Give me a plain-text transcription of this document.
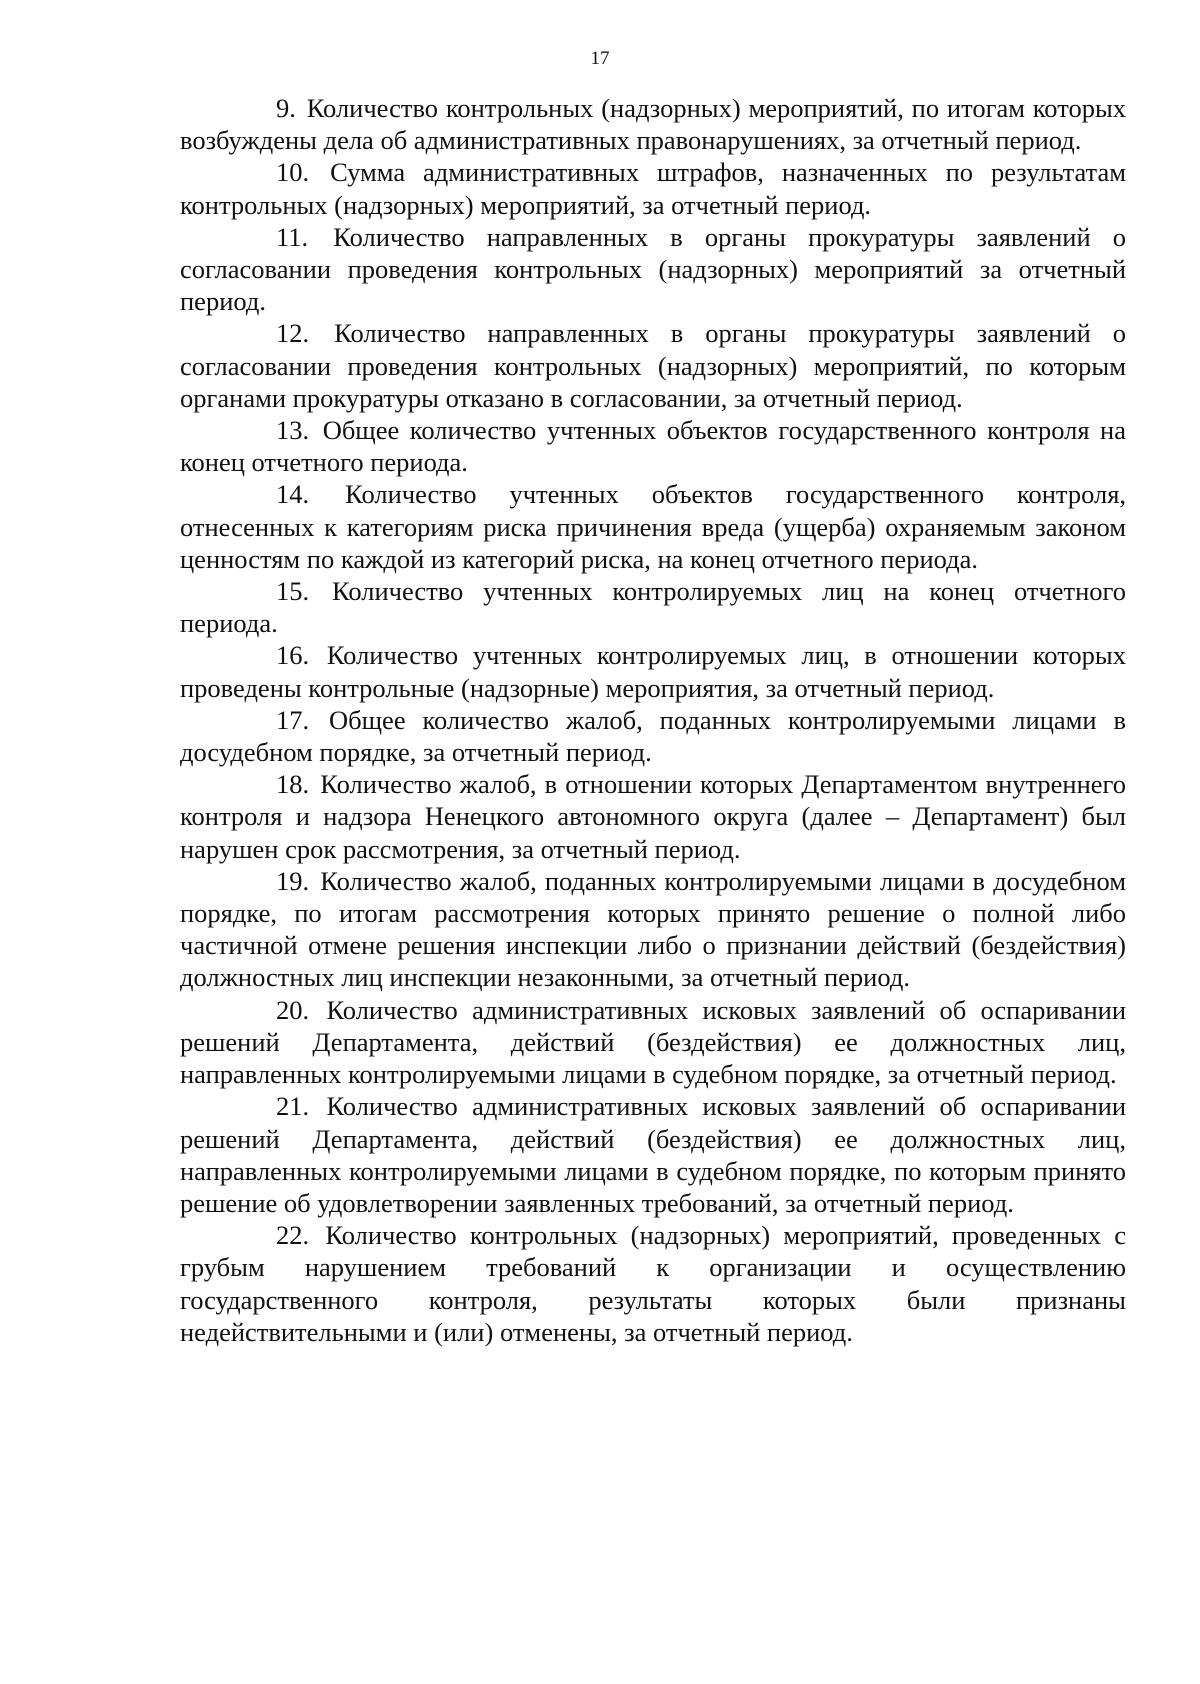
17

9. Количество контрольных (надзорных) мероприятий, по итогам которых возбуждены дела об административных правонарушениях, за отчетный период.

10. Сумма административных штрафов, назначенных по результатам контрольных (надзорных) мероприятий, за отчетный период.

11. Количество направленных в органы прокуратуры заявлений о согласовании проведения контрольных (надзорных) мероприятий за отчетный период.

12. Количество направленных в органы прокуратуры заявлений о согласовании проведения контрольных (надзорных) мероприятий, по которым органами прокуратуры отказано в согласовании, за отчетный период.

13. Общее количество учтенных объектов государственного контроля на конец отчетного периода.

14. Количество учтенных объектов государственного контроля, отнесенных к категориям риска причинения вреда (ущерба) охраняемым законом ценностям по каждой из категорий риска, на конец отчетного периода.

15. Количество учтенных контролируемых лиц на конец отчетного периода.

16. Количество учтенных контролируемых лиц, в отношении которых проведены контрольные (надзорные) мероприятия, за отчетный период.

17. Общее количество жалоб, поданных контролируемыми лицами в досудебном порядке, за отчетный период.

18. Количество жалоб, в отношении которых Департаментом внутреннего контроля и надзора Ненецкого автономного округа (далее – Департамент) был нарушен срок рассмотрения, за отчетный период.

19. Количество жалоб, поданных контролируемыми лицами в досудебном порядке, по итогам рассмотрения которых принято решение о полной либо частичной отмене решения инспекции либо о признании действий (бездействия) должностных лиц инспекции незаконными, за отчетный период.

20. Количество административных исковых заявлений об оспаривании решений Департамента, действий (бездействия) ее должностных лиц, направленных контролируемыми лицами в судебном порядке, за отчетный период.

21. Количество административных исковых заявлений об оспаривании решений Департамента, действий (бездействия) ее должностных лиц, направленных контролируемыми лицами в судебном порядке, по которым принято решение об удовлетворении заявленных требований, за отчетный период.

22. Количество контрольных (надзорных) мероприятий, проведенных с грубым нарушением требований к организации и осуществлению государственного контроля, результаты которых были признаны недействительными и (или) отменены, за отчетный период.
